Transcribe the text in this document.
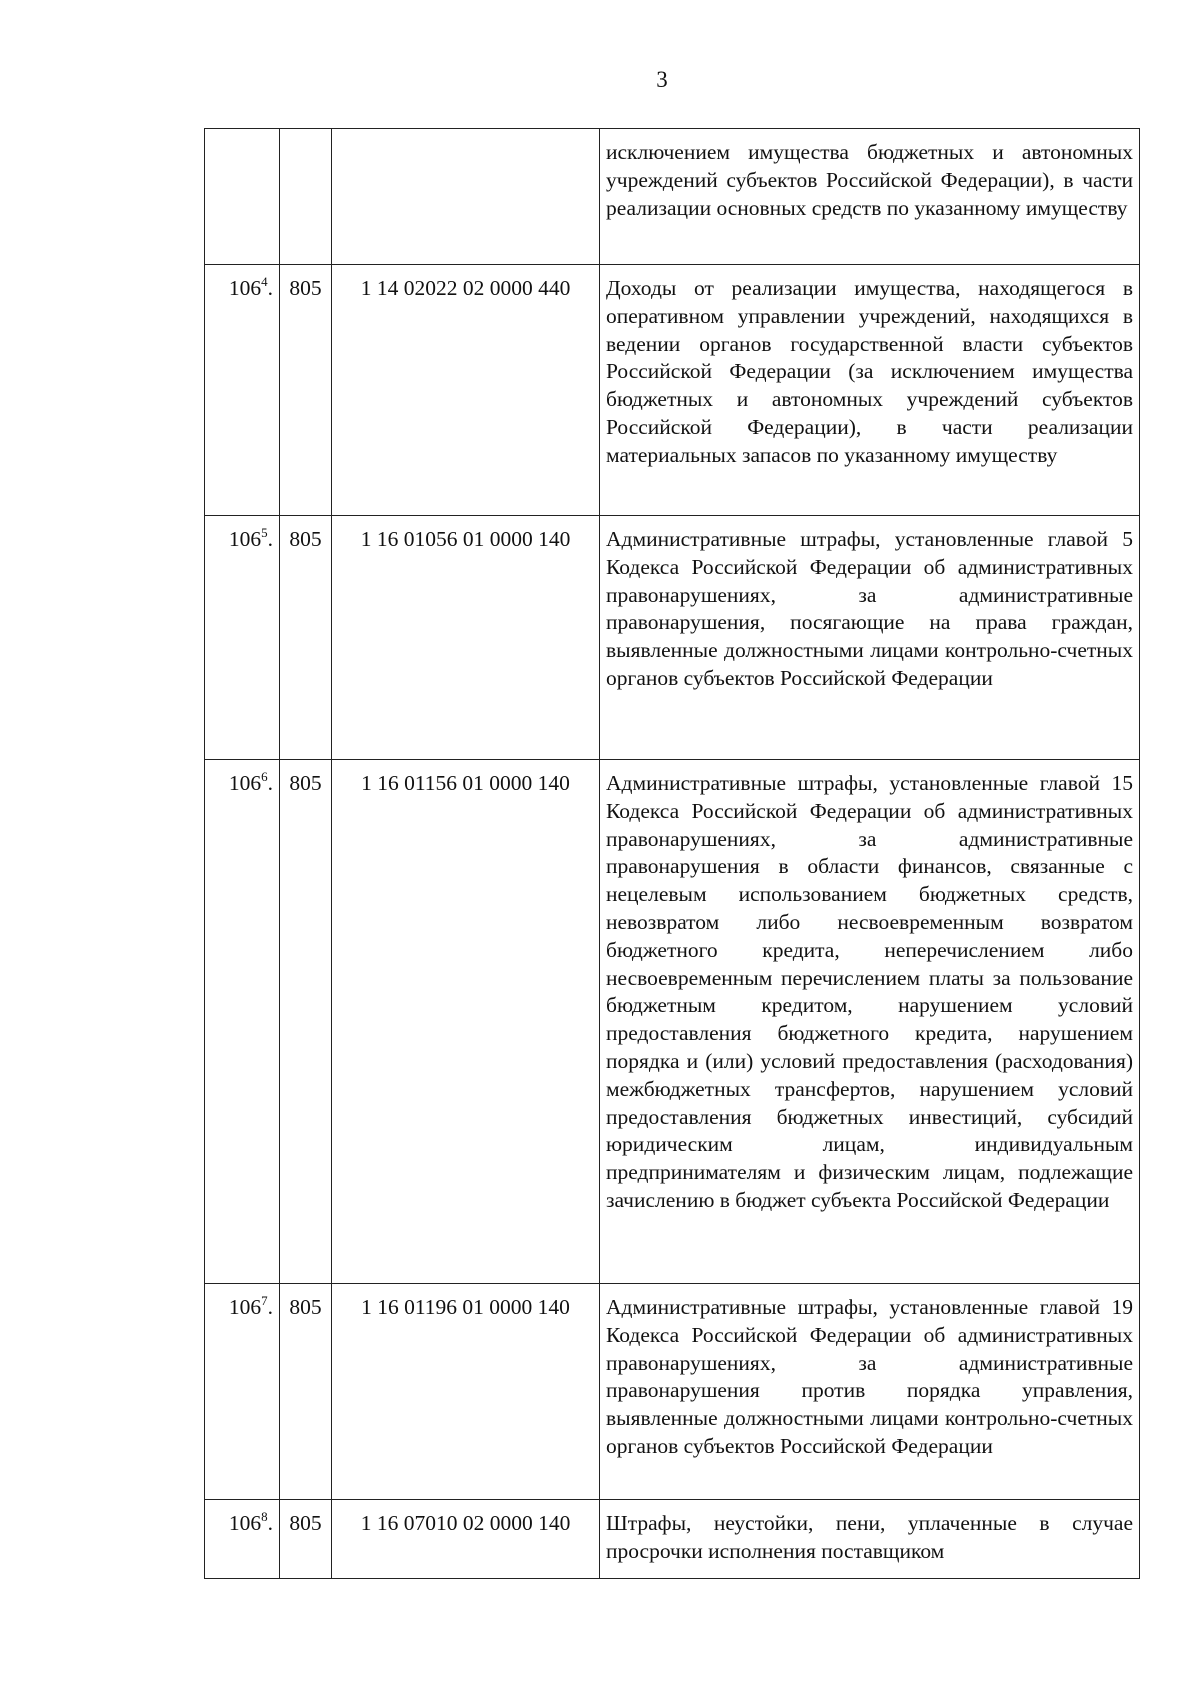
3
			исключением имущества бюджетных и автономных учреждений субъектов Российской Федерации), в части реализации основных средств по указанному имуществу
$106^4$.	805	1 14 02022 02 0000 440	Доходы от реализации имущества, находящегося в оперативном управлении учреждений, находящихся в ведении органов государственной власти субъектов Российской Федерации (за исключением имущества бюджетных и автономных учреждений субъектов Российской Федерации), в части реализации материальных запасов по указанному имуществу
$106^5$.	805	1 16 01056 01 0000 140	Административные штрафы, установленные главой 5 Кодекса Российской Федерации об административных правонарушениях, за административные правонарушения, посягающие на права граждан, выявленные должностными лицами контрольно-счетных органов субъектов Российской Федерации
$106^6$.	805	1 16 01156 01 0000 140	Административные штрафы, установленные главой 15 Кодекса Российской Федерации об административных правонарушениях, за административные правонарушения в области финансов, связанные с нецелевым использованием бюджетных средств, невозвратом либо несвоевременным возвратом бюджетного кредита, неперечислением либо несвоевременным перечислением платы за пользование бюджетным кредитом, нарушением условий предоставления бюджетного кредита, нарушением порядка и (или) условий предоставления (расходования) межбюджетных трансфертов, нарушением условий предоставления бюджетных инвестиций, субсидий юридическим лицам, индивидуальным предпринимателям и физическим лицам, подлежащие зачислению в бюджет субъекта Российской Федерации
$106^7$.	805	1 16 01196 01 0000 140	Административные штрафы, установленные главой 19 Кодекса Российской Федерации об административных правонарушениях, за административные правонарушения против порядка управления, выявленные должностными лицами контрольно-счетных органов субъектов Российской Федерации
$106^8$.	805	1 16 07010 02 0000 140	Штрафы, неустойки, пени, уплаченные в случае просрочки исполнения поставщиком
